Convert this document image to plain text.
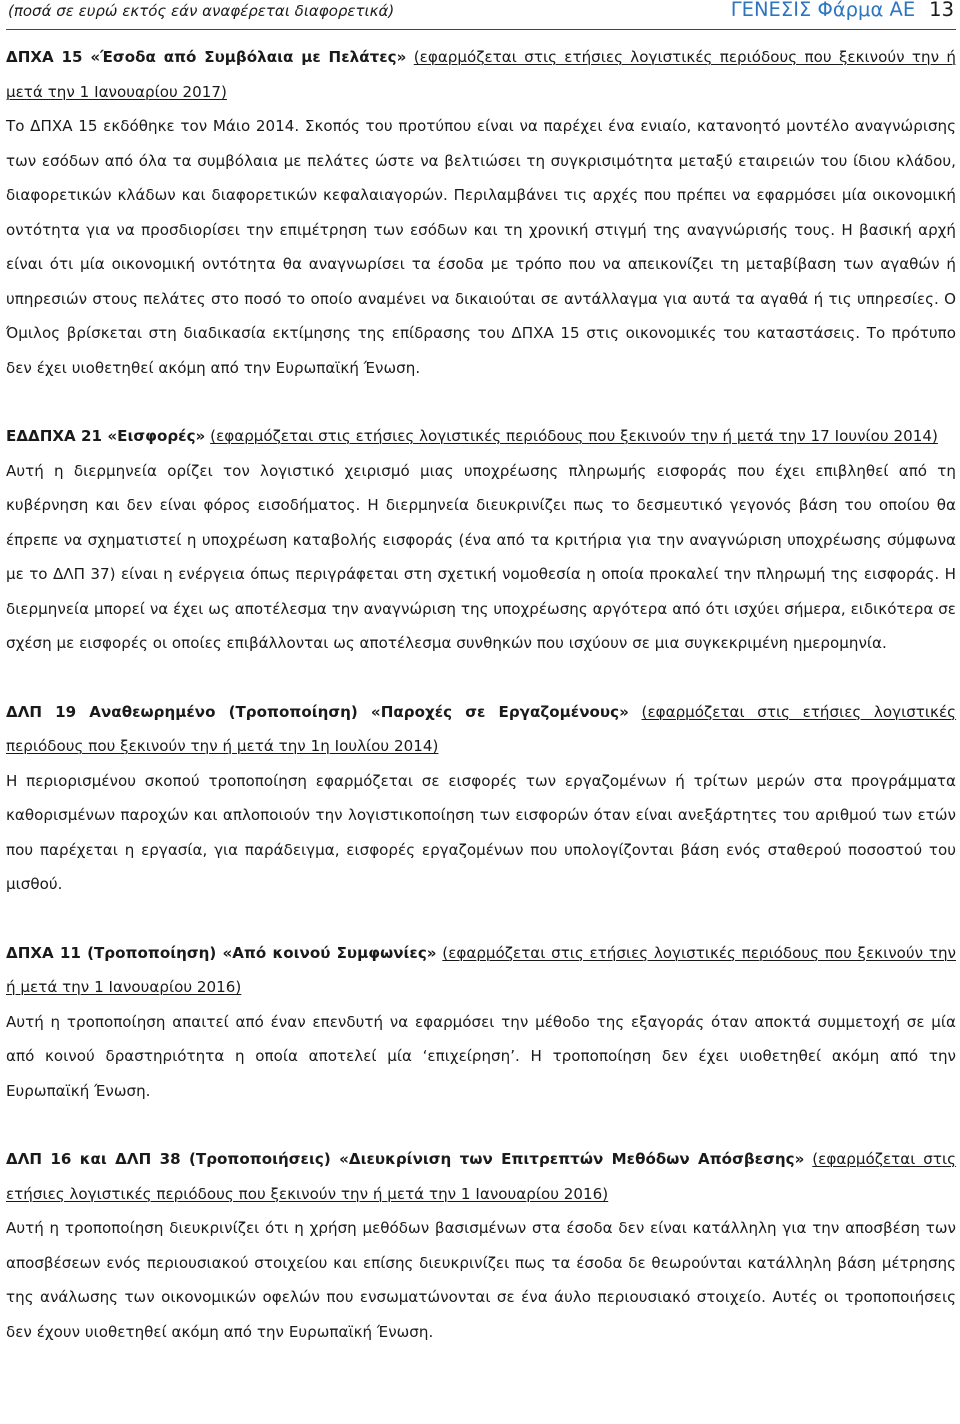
(ποσά σε ευρώ εκτός εάν αναφέρεται διαφορετικά)	ΓΕΝΕΣΙΣ Φάρμα ΑΕ 13

ΔΠΧΑ 15 «Έσοδα από Συμβόλαια με Πελάτες» (εφαρμόζεται στις ετήσιες λογιστικές περιόδους που ξεκινούν την ή μετά την 1 Ιανουαρίου 2017)

Το ΔΠΧΑ 15 εκδόθηκε τον Μάιο 2014. Σκοπός του προτύπου είναι να παρέχει ένα ενιαίο, κατανοητό μοντέλο αναγνώρισης των εσόδων από όλα τα συμβόλαια με πελάτες ώστε να βελτιώσει τη συγκρισιμότητα μεταξύ εταιρειών του ίδιου κλάδου, διαφορετικών κλάδων και διαφορετικών κεφαλαιαγορών. Περιλαμβάνει τις αρχές που πρέπει να εφαρμόσει μία οικονομική οντότητα για να προσδιορίσει την επιμέτρηση των εσόδων και τη χρονική στιγμή της αναγνώρισής τους. Η βασική αρχή είναι ότι μία οικονομική οντότητα θα αναγνωρίσει τα έσοδα με τρόπο που να απεικονίζει τη μεταβίβαση των αγαθών ή υπηρεσιών στους πελάτες στο ποσό το οποίο αναμένει να δικαιούται σε αντάλλαγμα για αυτά τα αγαθά ή τις υπηρεσίες. Ο Όμιλος βρίσκεται στη διαδικασία εκτίμησης της επίδρασης του ΔΠΧΑ 15 στις οικονομικές του καταστάσεις. Το πρότυπο δεν έχει υιοθετηθεί ακόμη από την Ευρωπαϊκή Ένωση.

ΕΔΔΠΧΑ 21 «Εισφορές» (εφαρμόζεται στις ετήσιες λογιστικές περιόδους που ξεκινούν την ή μετά την 17 Ιουνίου 2014)

Αυτή η διερμηνεία ορίζει τον λογιστικό χειρισμό μιας υποχρέωσης πληρωμής εισφοράς που έχει επιβληθεί από τη κυβέρνηση και δεν είναι φόρος εισοδήματος. Η διερμηνεία διευκρινίζει πως το δεσμευτικό γεγονός βάση του οποίου θα έπρεπε να σχηματιστεί η υποχρέωση καταβολής εισφοράς (ένα από τα κριτήρια για την αναγνώριση υποχρέωσης σύμφωνα με το ΔΛΠ 37) είναι η ενέργεια όπως περιγράφεται στη σχετική νομοθεσία η οποία προκαλεί την πληρωμή της εισφοράς. Η διερμηνεία μπορεί να έχει ως αποτέλεσμα την αναγνώριση της υποχρέωσης αργότερα από ότι ισχύει σήμερα, ειδικότερα σε σχέση με εισφορές οι οποίες επιβάλλονται ως αποτέλεσμα συνθηκών που ισχύουν σε μια συγκεκριμένη ημερομηνία.

ΔΛΠ 19 Αναθεωρημένο (Τροποποίηση) «Παροχές σε Εργαζομένους» (εφαρμόζεται στις ετήσιες λογιστικές περιόδους που ξεκινούν την ή μετά την 1η Ιουλίου 2014)

Η περιορισμένου σκοπού τροποποίηση εφαρμόζεται σε εισφορές των εργαζομένων ή τρίτων μερών στα προγράμματα καθορισμένων παροχών και απλοποιούν την λογιστικοποίηση των εισφορών όταν είναι ανεξάρτητες του αριθμού των ετών που παρέχεται η εργασία, για παράδειγμα, εισφορές εργαζομένων που υπολογίζονται βάση ενός σταθερού ποσοστού του μισθού.

ΔΠΧΑ 11 (Τροποποίηση) «Από κοινού Συμφωνίες» (εφαρμόζεται στις ετήσιες λογιστικές περιόδους που ξεκινούν την ή μετά την 1 Ιανουαρίου 2016)

Αυτή η τροποποίηση απαιτεί από έναν επενδυτή να εφαρμόσει την μέθοδο της εξαγοράς όταν αποκτά συμμετοχή σε μία από κοινού δραστηριότητα η οποία αποτελεί μία ‘επιχείρηση’. Η τροποποίηση δεν έχει υιοθετηθεί ακόμη από την Ευρωπαϊκή Ένωση.

ΔΛΠ 16 και ΔΛΠ 38 (Τροποποιήσεις) «Διευκρίνιση των Επιτρεπτών Μεθόδων Απόσβεσης» (εφαρμόζεται στις ετήσιες λογιστικές περιόδους που ξεκινούν την ή μετά την 1 Ιανουαρίου 2016)

Αυτή η τροποποίηση διευκρινίζει ότι η χρήση μεθόδων βασισμένων στα έσοδα δεν είναι κατάλληλη για την αποσβέση των αποσβέσεων ενός περιουσιακού στοιχείου και επίσης διευκρινίζει πως τα έσοδα δε θεωρούνται κατάλληλη βάση μέτρησης της ανάλωσης των οικονομικών οφελών που ενσωματώνονται σε ένα άυλο περιουσιακό στοιχείο. Αυτές οι τροποποιήσεις δεν έχουν υιοθετηθεί ακόμη από την Ευρωπαϊκή Ένωση.
